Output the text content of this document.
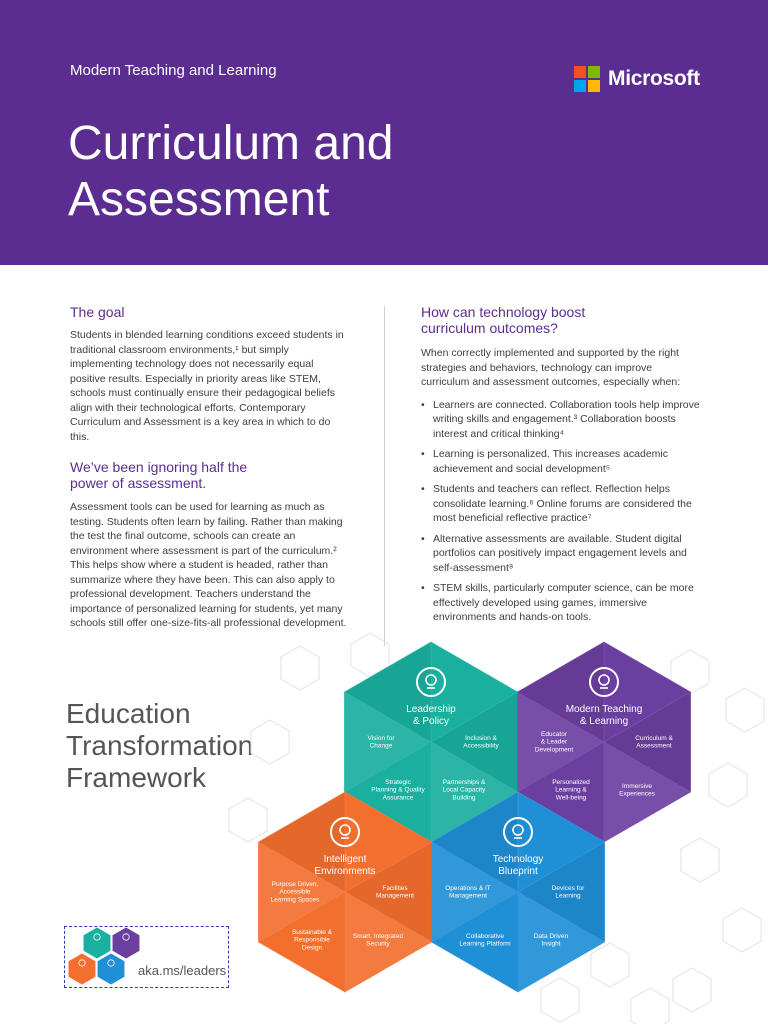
Modern Teaching and Learning
Curriculum and
Assessment
Microsoft
The goal

Students in blended learning conditions exceed students in traditional classroom environments,¹ but simply implementing technology does not necessarily equal positive results. Especially in priority areas like STEM, schools must continually ensure their pedagogical beliefs align with their technological efforts. Contemporary Curriculum and Assessment is a key area in which to do this.

We’ve been ignoring half the
power of assessment.

Assessment tools can be used for learning as much as testing. Students often learn by failing. Rather than making the test the final outcome, schools can create an environment where assessment is part of the curriculum.² This helps show where a student is headed, rather than summarize where they have been. This can also apply to professional development. Teachers understand the importance of personalized learning for students, yet many schools still offer one-size-fits-all professional development.

How can technology boost
curriculum outcomes?

When correctly implemented and supported by the right strategies and behaviors, technology can improve curriculum and assessment outcomes, especially when:

• Learners are connected. Collaboration tools help improve writing skills and engagement.³ Collaboration boosts interest and critical thinking⁴
• Learning is personalized. This increases academic achievement and social development⁵
• Students and teachers can reflect. Reflection helps consolidate learning.⁶ Online forums are considered the most beneficial reflective practice⁷
• Alternative assessments are available. Student digital portfolios can positively impact engagement levels and self-assessment⁸
• STEM skills, particularly computer science, can be more effectively developed using games, immersive environments and hands-on tools.
Education
Transformation
Framework
Leadership & Policy
Vision for Change
Inclusion & Accessibility
Strategic Planning & Quality Assurance
Partnerships & Local Capacity Building
Modern Teaching & Learning
Educator & Leader Development
Curriculum & Assessment
Personalized Learning & Well-being
Immersive Experiences
Intelligent Environments
Purpose Driven, Accessible Learning Spaces
Facilities Management
Sustainable & Responsible Design
Smart, Integrated Security
Technology Blueprint
Operations & IT Management
Devices for Learning
Collaborative Learning Platform
Data Driven Insight
aka.ms/leaders
